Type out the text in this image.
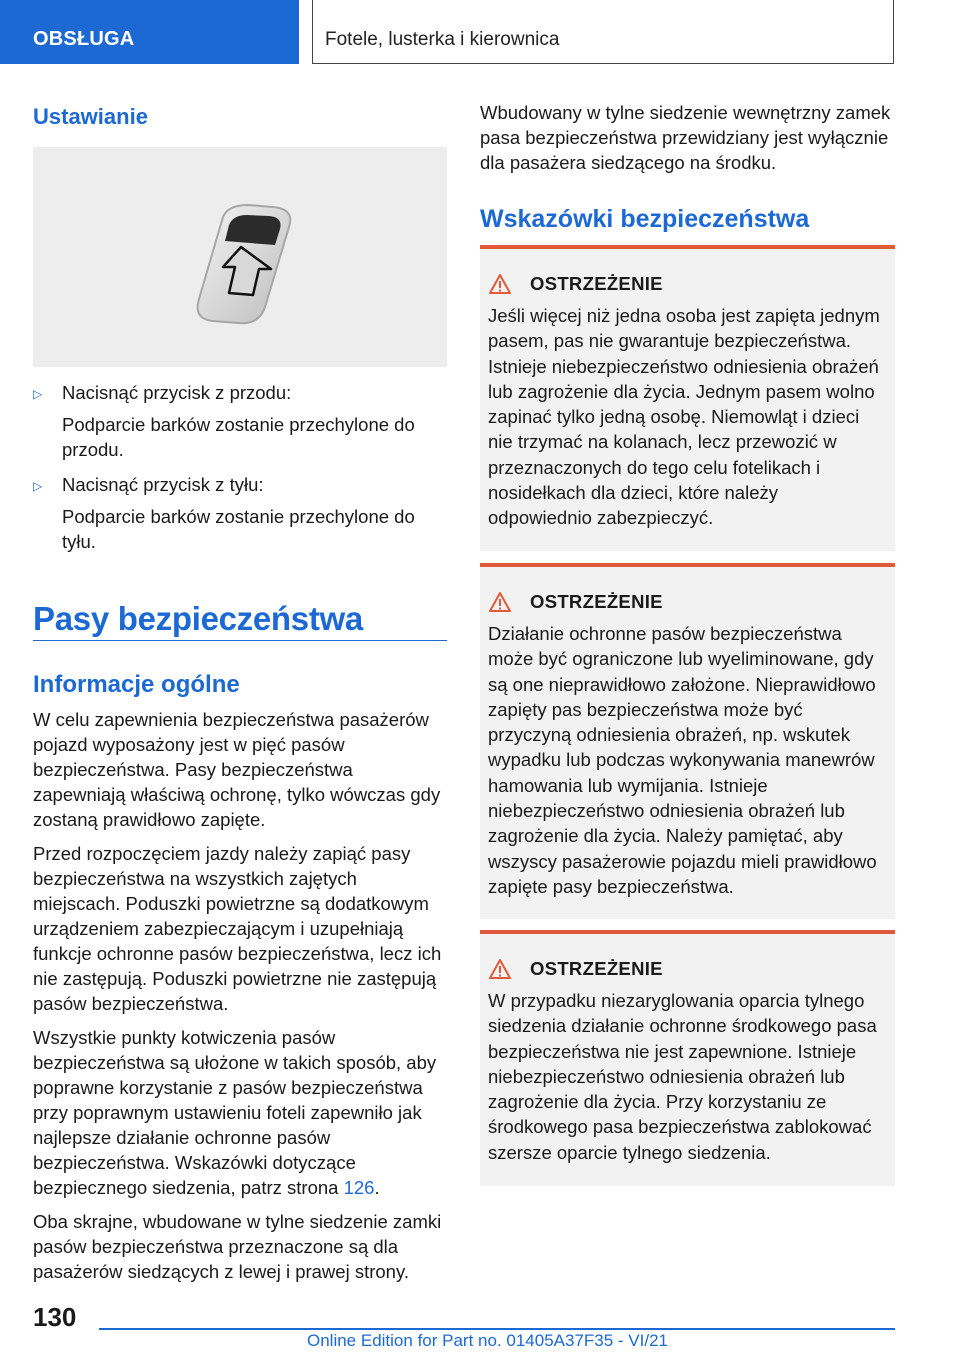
OBSŁUGA	Fotele, lusterka i kierownica
Ustawianie
▷ Nacisnąć przycisk z przodu:
Podparcie barków zostanie przechylone do przodu.
▷ Nacisnąć przycisk z tyłu:
Podparcie barków zostanie przechylone do tyłu.
Pasy bezpieczeństwa
Informacje ogólne

W celu zapewnienia bezpieczeństwa pasażerów pojazd wyposażony jest w pięć pasów bezpieczeństwa. Pasy bezpieczeństwa zapewniają właściwą ochronę, tylko wówczas gdy zostaną prawidłowo zapięte.

Przed rozpoczęciem jazdy należy zapiąć pasy bezpieczeństwa na wszystkich zajętych miejscach. Poduszki powietrzne są dodatkowym urządzeniem zabezpieczającym i uzupełniają funkcje ochronne pasów bezpieczeństwa, lecz ich nie zastępują. Poduszki powietrzne nie zastępują pasów bezpieczeństwa.

Wszystkie punkty kotwiczenia pasów bezpieczeństwa są ułożone w takich sposób, aby poprawne korzystanie z pasów bezpieczeństwa przy poprawnym ustawieniu foteli zapewniło jak najlepsze działanie ochronne pasów bezpieczeństwa. Wskazówki dotyczące bezpiecznego siedzenia, patrz strona 126.

Oba skrajne, wbudowane w tylne siedzenie zamki pasów bezpieczeństwa przeznaczone są dla pasażerów siedzących z lewej i prawej strony.

Wbudowany w tylne siedzenie wewnętrzny zamek pasa bezpieczeństwa przewidziany jest wyłącznie dla pasażera siedzącego na środku.

Wskazówki bezpieczeństwa
OSTRZEŻENIE
Jeśli więcej niż jedna osoba jest zapięta jednym pasem, pas nie gwarantuje bezpieczeństwa. Istnieje niebezpieczeństwo odniesienia obrażeń lub zagrożenie dla życia. Jednym pasem wolno zapinać tylko jedną osobę. Niemowląt i dzieci nie trzymać na kolanach, lecz przewozić w przeznaczonych do tego celu fotelikach i nosidełkach dla dzieci, które należy odpowiednio zabezpieczyć.
OSTRZEŻENIE
Działanie ochronne pasów bezpieczeństwa może być ograniczone lub wyeliminowane, gdy są one nieprawidłowo założone. Nieprawidłowo zapięty pas bezpieczeństwa może być przyczyną odniesienia obrażeń, np. wskutek wypadku lub podczas wykonywania manewrów hamowania lub wymijania. Istnieje niebezpieczeństwo odniesienia obrażeń lub zagrożenie dla życia. Należy pamiętać, aby wszyscy pasażerowie pojazdu mieli prawidłowo zapięte pasy bezpieczeństwa.
OSTRZEŻENIE
W przypadku niezaryglowania oparcia tylnego siedzenia działanie ochronne środkowego pasa bezpieczeństwa nie jest zapewnione. Istnieje niebezpieczeństwo odniesienia obrażeń lub zagrożenie dla życia. Przy korzystaniu ze środkowego pasa bezpieczeństwa zablokować szersze oparcie tylnego siedzenia.
130
Online Edition for Part no. 01405A37F35 - VI/21
